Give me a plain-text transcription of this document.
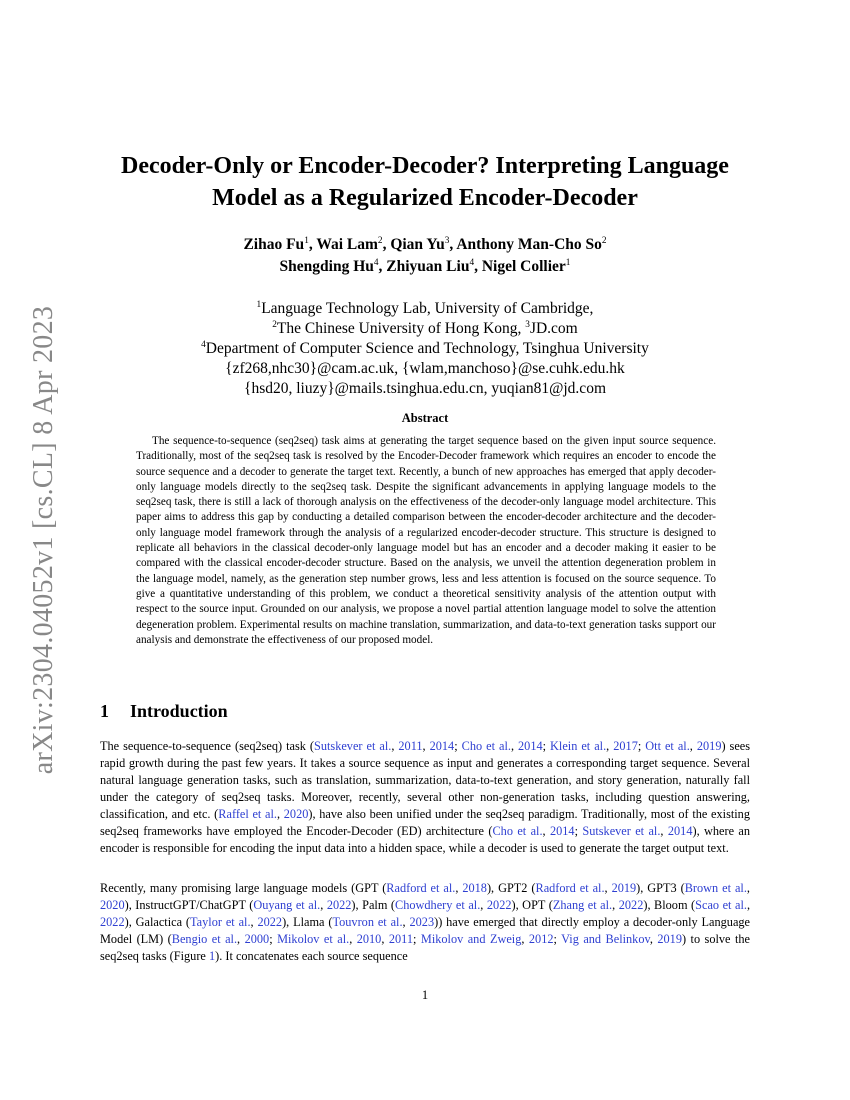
arXiv:2304.04052v1 [cs.CL] 8 Apr 2023
Decoder-Only or Encoder-Decoder? Interpreting Language
Model as a Regularized Encoder-Decoder
Zihao Fu$^1$, Wai Lam$^2$, Qian Yu$^3$, Anthony Man-Cho So$^2$
Shengding Hu$^4$, Zhiyuan Liu$^4$, Nigel Collier$^1$
$^1$Language Technology Lab, University of Cambridge,
$^2$The Chinese University of Hong Kong, $^3$JD.com
$^4$Department of Computer Science and Technology, Tsinghua University
{zf268,nhc30}@cam.ac.uk, {wlam,manchoso}@se.cuhk.edu.hk
{hsd20, liuzy}@mails.tsinghua.edu.cn, yuqian81@jd.com
Abstract

The sequence-to-sequence (seq2seq) task aims at generating the target sequence based on the given input source sequence. Traditionally, most of the seq2seq task is resolved by the Encoder-Decoder framework which requires an encoder to encode the source sequence and a decoder to generate the target text. Recently, a bunch of new approaches has emerged that apply decoder-only language models directly to the seq2seq task. Despite the significant advancements in applying language models to the seq2seq task, there is still a lack of thorough analysis on the effectiveness of the decoder-only language model architecture. This paper aims to address this gap by conducting a detailed comparison between the encoder-decoder architecture and the decoder-only language model framework through the analysis of a regularized encoder-decoder structure. This structure is designed to replicate all behaviors in the classical decoder-only language model but has an encoder and a decoder making it easier to be compared with the classical encoder-decoder structure. Based on the analysis, we unveil the attention degeneration problem in the language model, namely, as the generation step number grows, less and less attention is focused on the source sequence. To give a quantitative understanding of this problem, we conduct a theoretical sensitivity analysis of the attention output with respect to the source input. Grounded on our analysis, we propose a novel partial attention language model to solve the attention degeneration problem. Experimental results on machine translation, summarization, and data-to-text generation tasks support our analysis and demonstrate the effectiveness of our proposed model.

1 Introduction

The sequence-to-sequence (seq2seq) task (Sutskever et al., 2011, 2014; Cho et al., 2014; Klein et al., 2017; Ott et al., 2019) sees rapid growth during the past few years. It takes a source sequence as input and generates a corresponding target sequence. Several natural language generation tasks, such as translation, summarization, data-to-text generation, and story generation, naturally fall under the category of seq2seq tasks. Moreover, recently, several other non-generation tasks, including question answering, classification, and etc. (Raffel et al., 2020), have also been unified under the seq2seq paradigm. Traditionally, most of the existing seq2seq frameworks have employed the Encoder-Decoder (ED) architecture (Cho et al., 2014; Sutskever et al., 2014), where an encoder is responsible for encoding the input data into a hidden space, while a decoder is used to generate the target output text.

Recently, many promising large language models (GPT (Radford et al., 2018), GPT2 (Radford et al., 2019), GPT3 (Brown et al., 2020), InstructGPT/ChatGPT (Ouyang et al., 2022), Palm (Chowdhery et al., 2022), OPT (Zhang et al., 2022), Bloom (Scao et al., 2022), Galactica (Taylor et al., 2022), Llama (Touvron et al., 2023)) have emerged that directly employ a decoder-only Language Model (LM) (Bengio et al., 2000; Mikolov et al., 2010, 2011; Mikolov and Zweig, 2012; Vig and Belinkov, 2019) to solve the seq2seq tasks (Figure 1). It concatenates each source sequence

1
